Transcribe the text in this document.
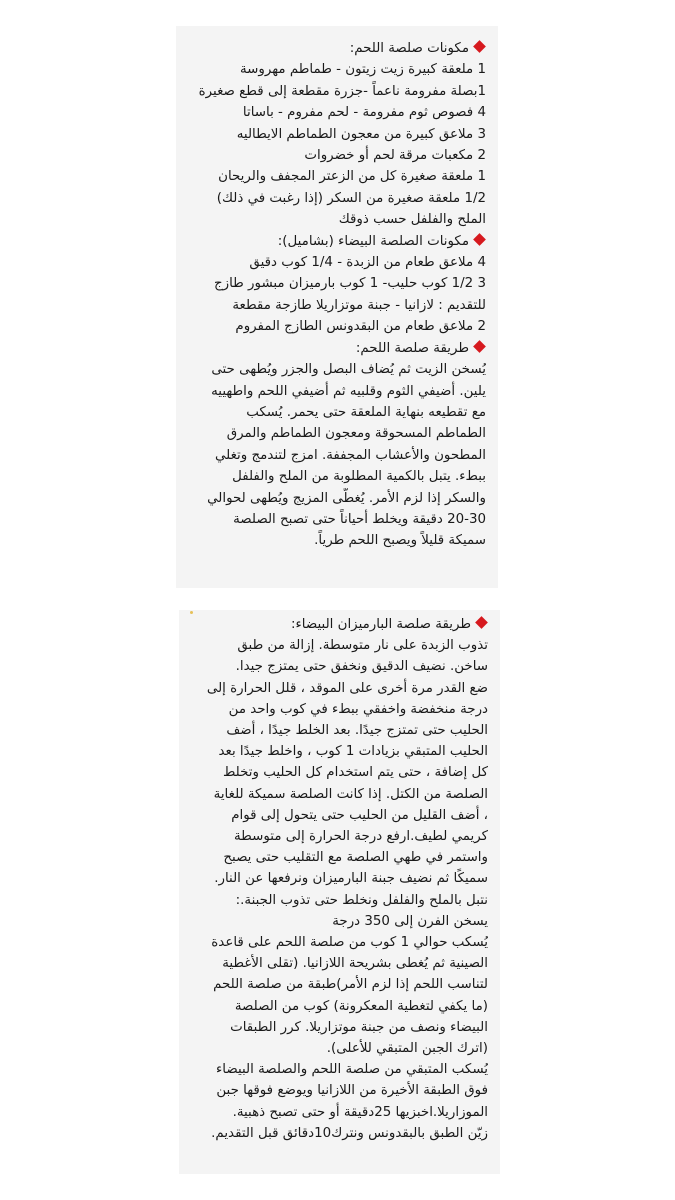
مكونات صلصة اللحم:
1 ملعقة كبيرة زيت زيتون - طماطم مهروسة
1بصلة مفرومة ناعماً -جزرة مقطعة إلى قطع صغيرة
4 فصوص ثوم مفرومة - لحم مفروم - باساتا
3 ملاعق كبيرة من معجون الطماطم الايطاليه
2 مكعبات مرقة لحم أو خضروات
1 ملعقة صغيرة كل من الزعتر المجفف والريحان
1/2 ملعقة صغيرة من السكر (إذا رغبت في ذلك)
الملح والفلفل حسب ذوقك
مكونات الصلصة البيضاء (بشاميل):
4 ملاعق طعام من الزبدة - 1/4 كوب دقيق
3 1/2 كوب حليب- 1 كوب بارميزان مبشور طازج
للتقديم : لازانيا - جبنة موتزاريلا طازجة مقطعة
2 ملاعق طعام من البقدونس الطازج المفروم
طريقة صلصة اللحم:
يُسخن الزيت ثم يُضاف البصل والجزر ويُطهى حتى
يلين. أضيفي الثوم وقلبيه ثم أضيفي اللحم واطهييه
مع تقطيعه بنهاية الملعقة حتى يحمر. يُسكب
الطماطم المسحوقة ومعجون الطماطم والمرق
المطحون والأعشاب المجففة. امزج لتندمج وتغلي
ببطء. يتبل بالكمية المطلوبة من الملح والفلفل
والسكر إذا لزم الأمر. يُغطّى المزيج ويُطهى لحوالي
20-30 دقيقة ويخلط أحياناً حتى تصبح الصلصة
سميكة قليلاً ويصبح اللحم طرياً.
طريقة صلصة البارميزان البيضاء:
تذوب الزبدة على نار متوسطة. إزالة من طبق
ساخن. نضيف الدقيق ونخفق حتى يمتزج جيدا.
ضع القدر مرة أخرى على الموقد ، قلل الحرارة إلى
درجة منخفضة واخفقي ببطء في كوب واحد من
الحليب حتى تمتزج جيدًا. بعد الخلط جيدًا ، أضف
الحليب المتبقي بزيادات 1 كوب ، واخلط جيدًا بعد
كل إضافة ، حتى يتم استخدام كل الحليب وتخلط
الصلصة من الكتل. إذا كانت الصلصة سميكة للغاية
، أضف القليل من الحليب حتى يتحول إلى قوام
كريمي لطيف.ارفع درجة الحرارة إلى متوسطة
واستمر في طهي الصلصة مع التقليب حتى يصبح
سميكًا ثم نضيف جبنة البارميزان ونرفعها عن النار.
نتبل بالملح والفلفل ونخلط حتى تذوب الجبنة.:
يسخن الفرن إلى 350 درجة
يُسكب حوالي 1 كوب من صلصة اللحم على قاعدة
الصينية ثم يُغطى بشريحة اللازانيا. (تقلى الأغطية
لتناسب اللحم إذا لزم الأمر)طبقة من صلصة اللحم
(ما يكفي لتغطية المعكرونة) كوب من الصلصة
البيضاء ونصف من جبنة موتزاريلا. كرر الطبقات
(اترك الجبن المتبقي للأعلى).
يُسكب المتبقي من صلصة اللحم والصلصة البيضاء
فوق الطبقة الأخيرة من اللازانيا ويوضع فوقها جبن
الموزاريلا.اخبزيها 25دقيقة أو حتى تصبح ذهبية.
زيّن الطبق بالبقدونس ونترك10دقائق قبل التقديم.
